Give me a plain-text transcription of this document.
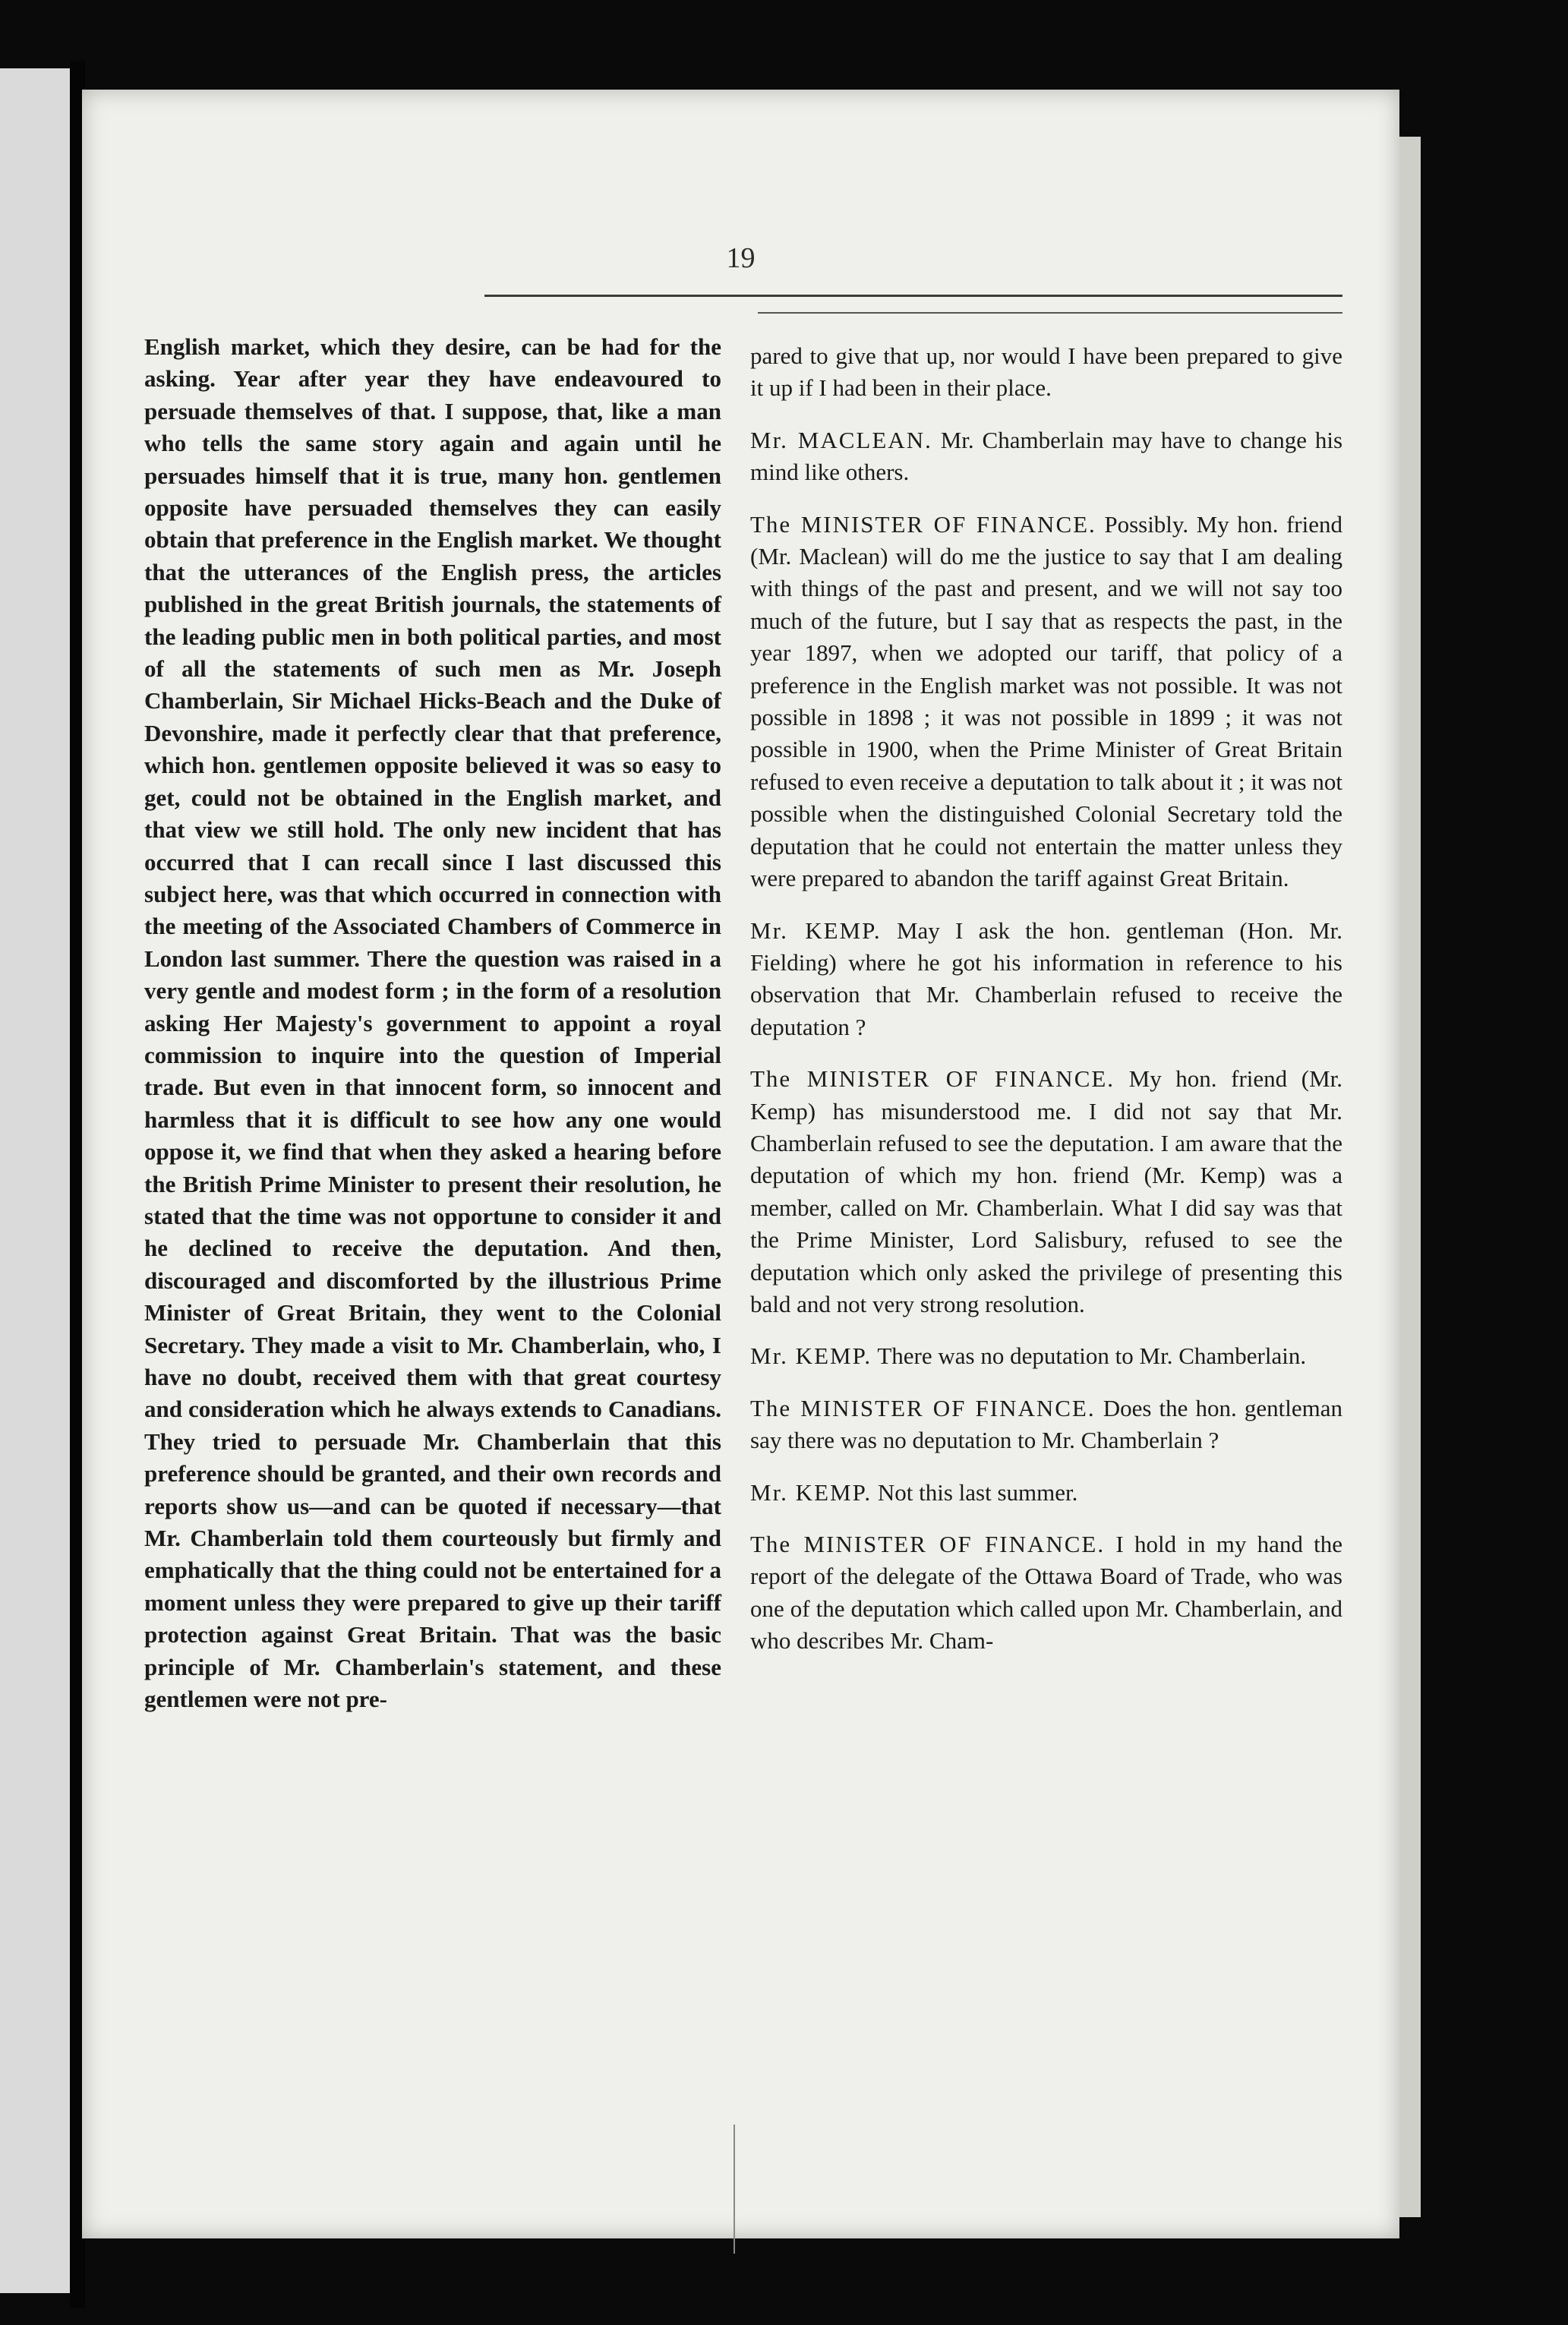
19

English market, which they desire, can be had for the asking. Year after year they have endeavoured to persuade themselves of that. I suppose, that, like a man who tells the same story again and again until he persuades himself that it is true, many hon. gentlemen opposite have persuaded themselves they can easily obtain that preference in the English market. We thought that the utterances of the English press, the articles published in the great British journals, the statements of the leading public men in both political parties, and most of all the statements of such men as Mr. Joseph Chamberlain, Sir Michael Hicks-Beach and the Duke of Devonshire, made it perfectly clear that that preference, which hon. gentlemen opposite believed it was so easy to get, could not be obtained in the English market, and that view we still hold. The only new incident that has occurred that I can recall since I last discussed this subject here, was that which occurred in connection with the meeting of the Associated Chambers of Commerce in London last summer. There the question was raised in a very gentle and modest form ; in the form of a resolution asking Her Majesty's government to appoint a royal commission to inquire into the question of Imperial trade. But even in that innocent form, so innocent and harmless that it is difficult to see how any one would oppose it, we find that when they asked a hearing before the British Prime Minister to present their resolution, he stated that the time was not opportune to consider it and he declined to receive the deputation. And then, discouraged and discomforted by the illustrious Prime Minister of Great Britain, they went to the Colonial Secretary. They made a visit to Mr. Chamberlain, who, I have no doubt, received them with that great courtesy and consideration which he always extends to Canadians. They tried to persuade Mr. Chamberlain that this preference should be granted, and their own records and reports show us—and can be quoted if necessary—that Mr. Chamberlain told them courteously but firmly and emphatically that the thing could not be entertained for a moment unless they were prepared to give up their tariff protection against Great Britain. That was the basic principle of Mr. Chamberlain's statement, and these gentlemen were not pre-

pared to give that up, nor would I have been prepared to give it up if I had been in their place.

Mr. MACLEAN. Mr. Chamberlain may have to change his mind like others.

The MINISTER OF FINANCE. Possibly. My hon. friend (Mr. Maclean) will do me the justice to say that I am dealing with things of the past and present, and we will not say too much of the future, but I say that as respects the past, in the year 1897, when we adopted our tariff, that policy of a preference in the English market was not possible. It was not possible in 1898 ; it was not possible in 1899 ; it was not possible in 1900, when the Prime Minister of Great Britain refused to even receive a deputation to talk about it ; it was not possible when the distinguished Colonial Secretary told the deputation that he could not entertain the matter unless they were prepared to abandon the tariff against Great Britain.

Mr. KEMP. May I ask the hon. gentleman (Hon. Mr. Fielding) where he got his information in reference to his observation that Mr. Chamberlain refused to receive the deputation ?

The MINISTER OF FINANCE. My hon. friend (Mr. Kemp) has misunderstood me. I did not say that Mr. Chamberlain refused to see the deputation. I am aware that the deputation of which my hon. friend (Mr. Kemp) was a member, called on Mr. Chamberlain. What I did say was that the Prime Minister, Lord Salisbury, refused to see the deputation which only asked the privilege of presenting this bald and not very strong resolution.

Mr. KEMP. There was no deputation to Mr. Chamberlain.

The MINISTER OF FINANCE. Does the hon. gentleman say there was no deputation to Mr. Chamberlain ?

Mr. KEMP. Not this last summer.

The MINISTER OF FINANCE. I hold in my hand the report of the delegate of the Ottawa Board of Trade, who was one of the deputation which called upon Mr. Chamberlain, and who describes Mr. Cham-
